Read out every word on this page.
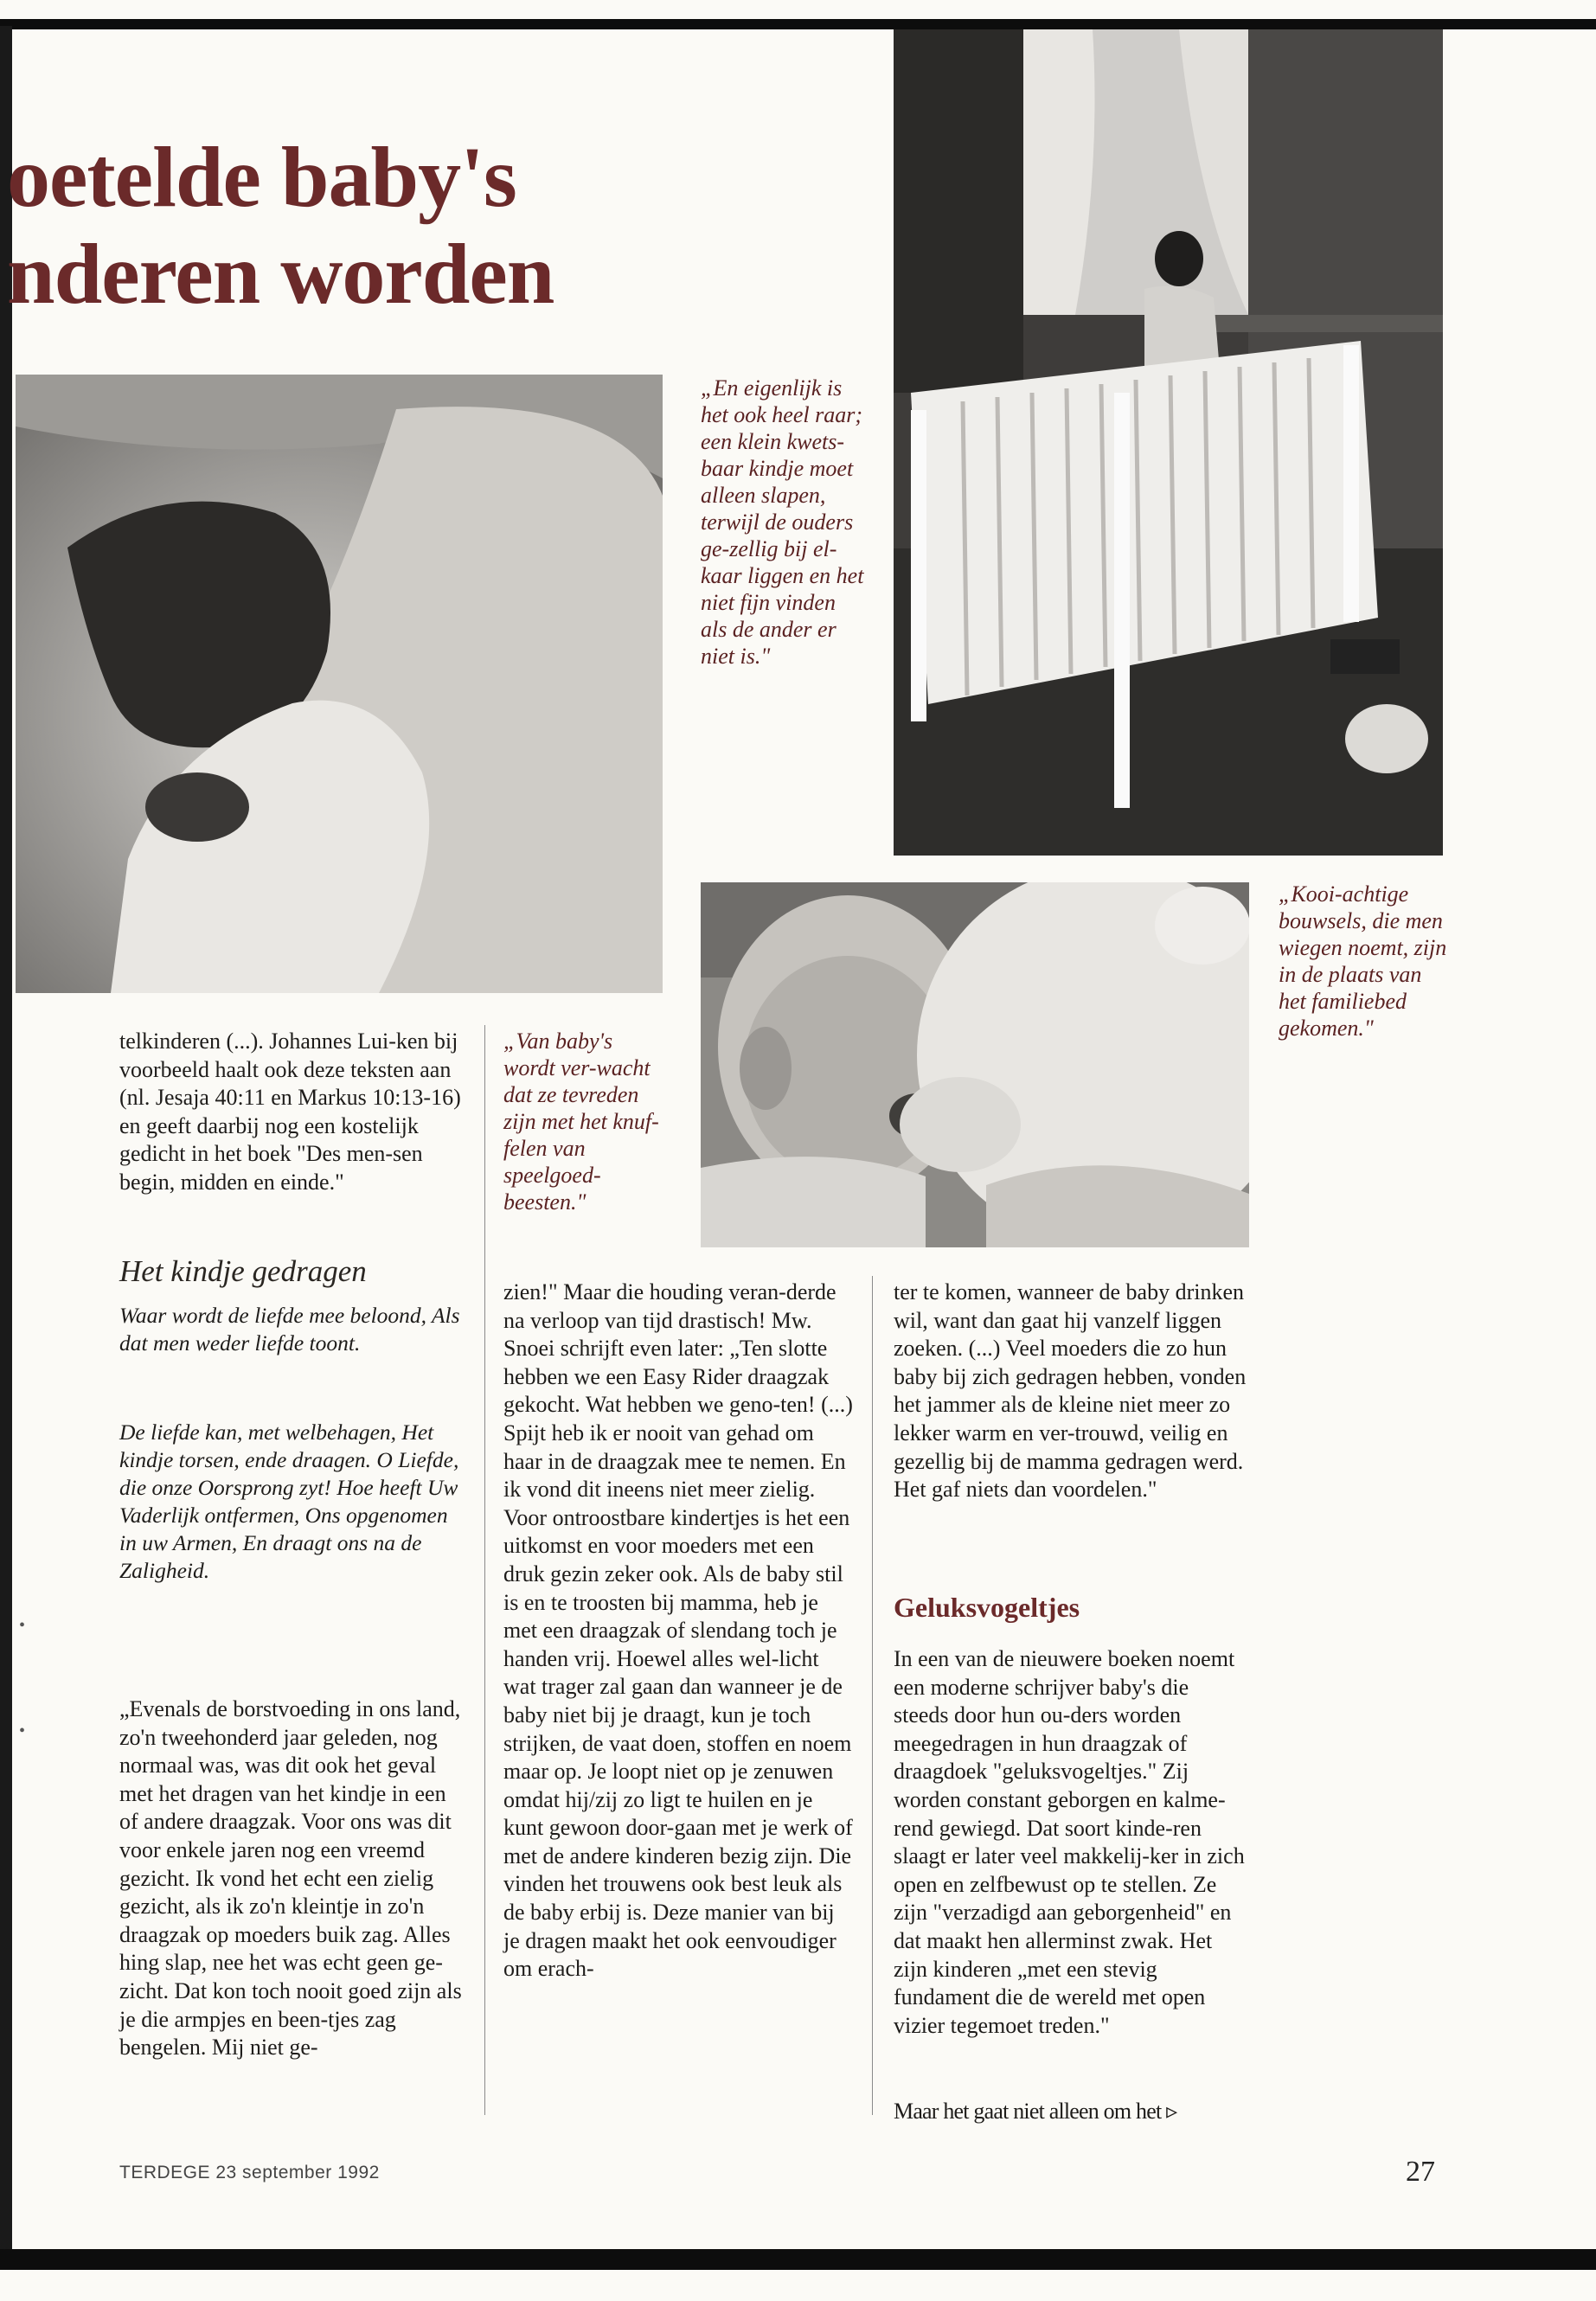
oetelde baby's
nderen worden
„En eigenlijk is het ook heel raar; een klein kwets-baar kindje moet alleen slapen, terwijl de ouders ge-zellig bij el-kaar liggen en het niet fijn vinden als de ander er niet is."
„Van baby's wordt ver-wacht dat ze tevreden zijn met het knuf-felen van speelgoed-beesten."
„Kooi-achtige bouwsels, die men wiegen noemt, zijn in de plaats van het familiebed gekomen."
telkinderen (...). Johannes Lui-ken bij voorbeeld haalt ook deze teksten aan (nl. Jesaja 40:11 en Markus 10:13-16) en geeft daarbij nog een kostelijk gedicht in het boek "Des men-sen begin, midden en einde."
Het kindje gedragen
Waar wordt de liefde mee beloond, Als dat men weder liefde toont.
De liefde kan, met welbehagen, Het kindje torsen, ende draagen. O Liefde, die onze Oorsprong zyt! Hoe heeft Uw Vaderlijk ontfermen, Ons opgenomen in uw Armen, En draagt ons na de Zaligheid.
„Evenals de borstvoeding in ons land, zo'n tweehonderd jaar geleden, nog normaal was, was dit ook het geval met het dragen van het kindje in een of andere draagzak. Voor ons was dit voor enkele jaren nog een vreemd gezicht. Ik vond het echt een zielig gezicht, als ik zo'n kleintje in zo'n draagzak op moeders buik zag. Alles hing slap, nee het was echt geen ge-zicht. Dat kon toch nooit goed zijn als je die armpjes en been-tjes zag bengelen. Mij niet ge-
zien!" Maar die houding veran-derde na verloop van tijd drastisch! Mw. Snoei schrijft even later: „Ten slotte hebben we een Easy Rider draagzak gekocht. Wat hebben we geno-ten! (...) Spijt heb ik er nooit van gehad om haar in de draagzak mee te nemen. En ik vond dit ineens niet meer zielig. Voor ontroostbare kindertjes is het een uitkomst en voor moeders met een druk gezin zeker ook. Als de baby stil is en te troosten bij mamma, heb je met een draagzak of slendang toch je handen vrij. Hoewel alles wel-licht wat trager zal gaan dan wanneer je de baby niet bij je draagt, kun je toch strijken, de vaat doen, stoffen en noem maar op. Je loopt niet op je zenuwen omdat hij/zij zo ligt te huilen en je kunt gewoon door-gaan met je werk of met de andere kinderen bezig zijn. Die vinden het trouwens ook best leuk als de baby erbij is. Deze manier van bij je dragen maakt het ook eenvoudiger om erach-
ter te komen, wanneer de baby drinken wil, want dan gaat hij vanzelf liggen zoeken. (...) Veel moeders die zo hun baby bij zich gedragen hebben, vonden het jammer als de kleine niet meer zo lekker warm en ver-trouwd, veilig en gezellig bij de mamma gedragen werd. Het gaf niets dan voordelen."
Geluksvogeltjes
In een van de nieuwere boeken noemt een moderne schrijver baby's die steeds door hun ou-ders worden meegedragen in hun draagzak of draagdoek "geluksvogeltjes." Zij worden constant geborgen en kalme-rend gewiegd. Dat soort kinde-ren slaagt er later veel makkelij-ker in zich open en zelfbewust op te stellen. Ze zijn "verzadigd aan geborgenheid" en dat maakt hen allerminst zwak. Het zijn kinderen „met een stevig fundament die de wereld met open vizier tegemoet treden."
Maar het gaat niet alleen om het ▹
•
•
TERDEGE 23 september 1992	27
